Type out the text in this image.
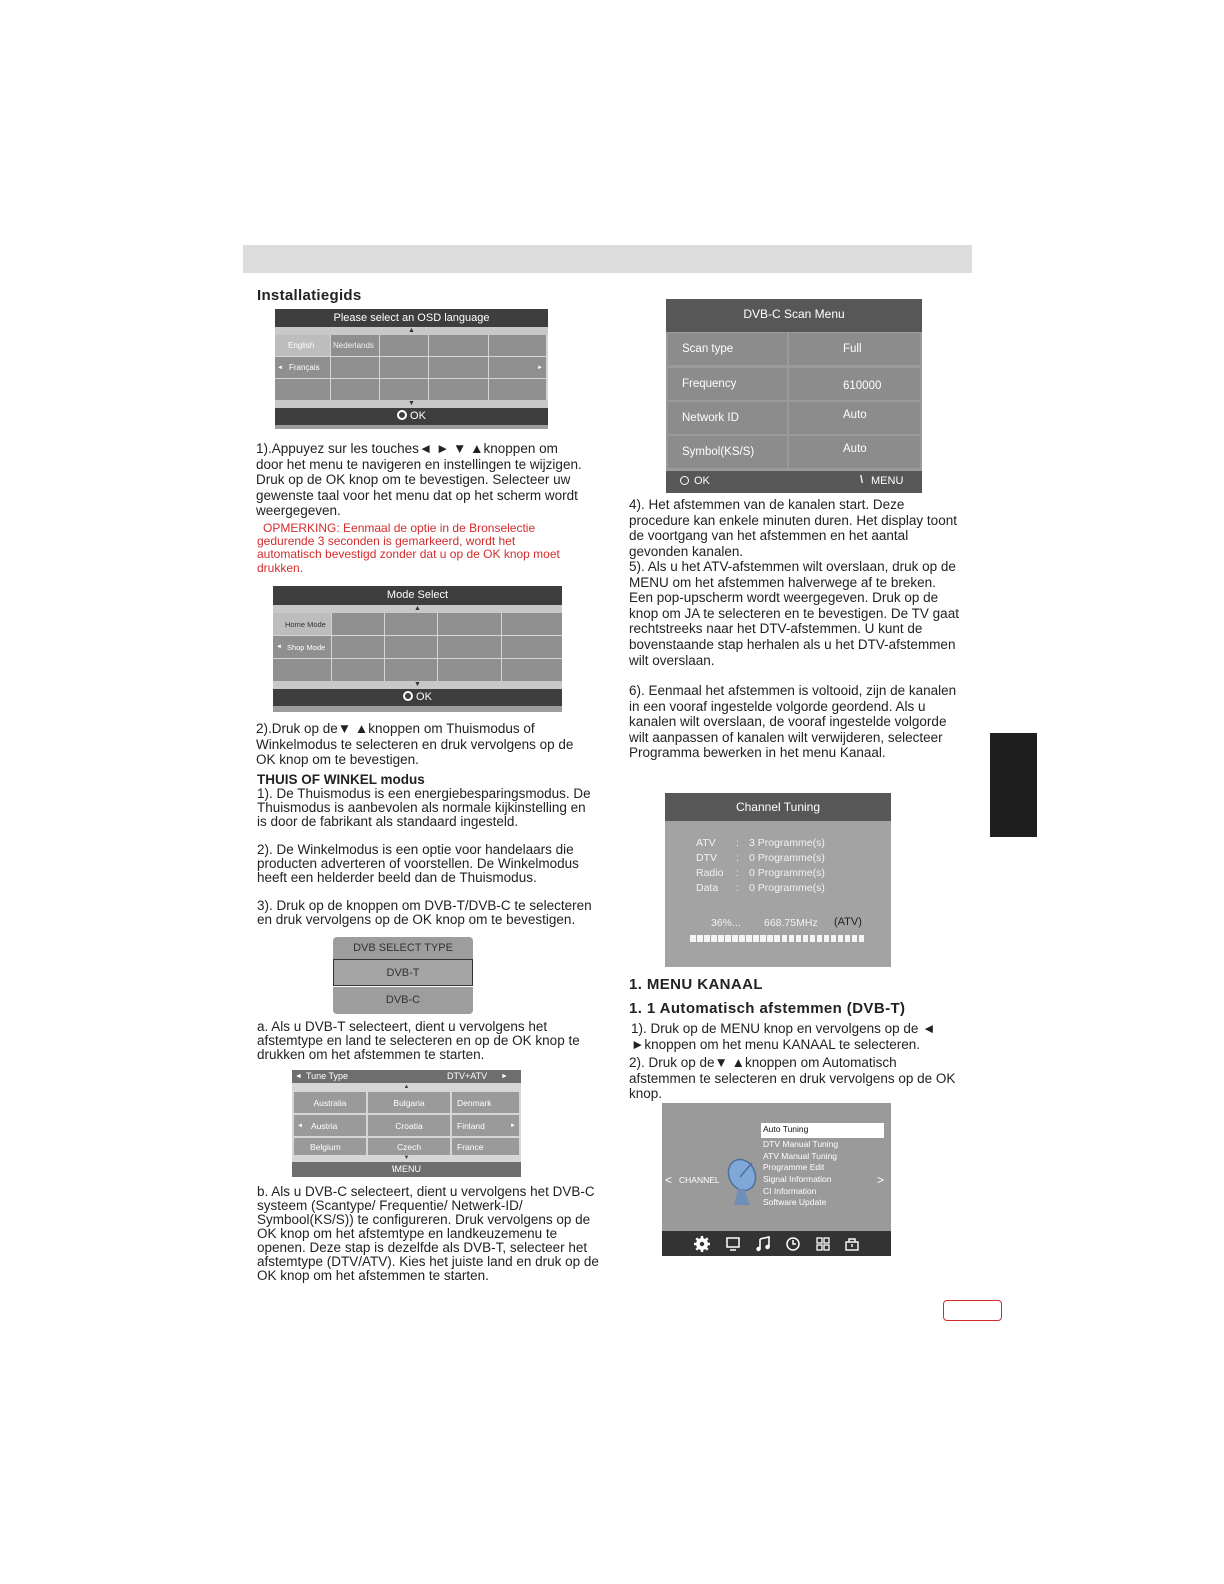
Installatiegids
Please select an OSD language
▲
English	Nederlands
◄ Français	►
▼
OK
1).Appuyez sur les touches◄ ► ▼ ▲knoppen om door het menu te navigeren en instellingen te wijzigen. Druk op de OK knop om te bevestigen. Selecteer uw gewenste taal voor het menu dat op het scherm wordt weergegeven.
OPMERKING: Eenmaal de optie in de Bronselectie gedurende 3 seconden is gemarkeerd, wordt het automatisch bevestigd zonder dat u op de OK knop moet drukken.
Mode Select
▲
Home Mode
◄ Shop Mode
▼
OK
2).Druk op de▼ ▲knoppen om Thuismodus of Winkelmodus te selecteren en druk vervolgens op de OK knop om te bevestigen.
THUIS OF WINKEL modus
1). De Thuismodus is een energiebesparingsmodus. De Thuismodus is aanbevolen als normale kijkinstelling en is door de fabrikant als standaard ingesteld.
2). De Winkelmodus is een optie voor handelaars die producten adverteren of voorstellen. De Winkelmodus heeft een helderder beeld dan de Thuismodus.
3). Druk op de knoppen om DVB-T/DVB-C te selecteren en druk vervolgens op de OK knop om te bevestigen.
DVB SELECT TYPE
DVB-T
DVB-C
a. Als u DVB-T selecteert, dient u vervolgens het afstemtype en land te selecteren en op de OK knop te drukken om het afstemmen te starten.
◄ Tune Type	DTV+ATV ►
▲
Australia	Bulgaria	Denmark
◄ Austria	Croatia	Finland	►
Belgium	Czech	France
▼
\MENU
b. Als u DVB-C selecteert, dient u vervolgens het DVB-C systeem (Scantype/ Frequentie/ Netwerk-ID/ Symbool(KS/S)) te configureren. Druk vervolgens op de OK knop om het afstemtype en landkeuzemenu te openen. Deze stap is dezelfde als DVB-T, selecteer het afstemtype (DTV/ATV). Kies het juiste land en druk op de OK knop om het afstemmen te starten.
DVB-C Scan Menu
Scan type	Full
Frequency	610000
Network ID	Auto
Symbol(KS/S)	Auto
OK	\ MENU
4). Het afstemmen van de kanalen start. Deze procedure kan enkele minuten duren. Het display toont de voortgang van het afstemmen en het aantal gevonden kanalen.
5). Als u het ATV-afstemmen wilt overslaan, druk op de MENU om het afstemmen halverwege af te breken. Een pop-upscherm wordt weergegeven. Druk op de knop om JA te selecteren en te bevestigen. De TV gaat rechtstreeks naar het DTV-afstemmen. U kunt de bovenstaande stap herhalen als u het DTV-afstemmen wilt overslaan.
6). Eenmaal het afstemmen is voltooid, zijn de kanalen in een vooraf ingestelde volgorde geordend. Als u kanalen wilt overslaan, de vooraf ingestelde volgorde wilt aanpassen of kanalen wilt verwijderen, selecteer Programma bewerken in het menu Kanaal.
Channel Tuning
ATV : 3 Programme(s)
DTV : 0 Programme(s)
Radio : 0 Programme(s)
Data : 0 Programme(s)
36%... 668.75MHz (ATV)
1. MENU KANAAL
1. 1 Automatisch afstemmen (DVB-T)
1). Druk op de MENU knop en vervolgens op de ◄ ►knoppen om het menu KANAAL te selecteren.
2). Druk op de▼ ▲knoppen om Automatisch afstemmen te selecteren en druk vervolgens op de OK knop.
Auto Tuning
DTV Manual Tuning
ATV Manual Tuning
Programme Edit
Signal Information
CI Information
Software Update
< CHANNEL	>
